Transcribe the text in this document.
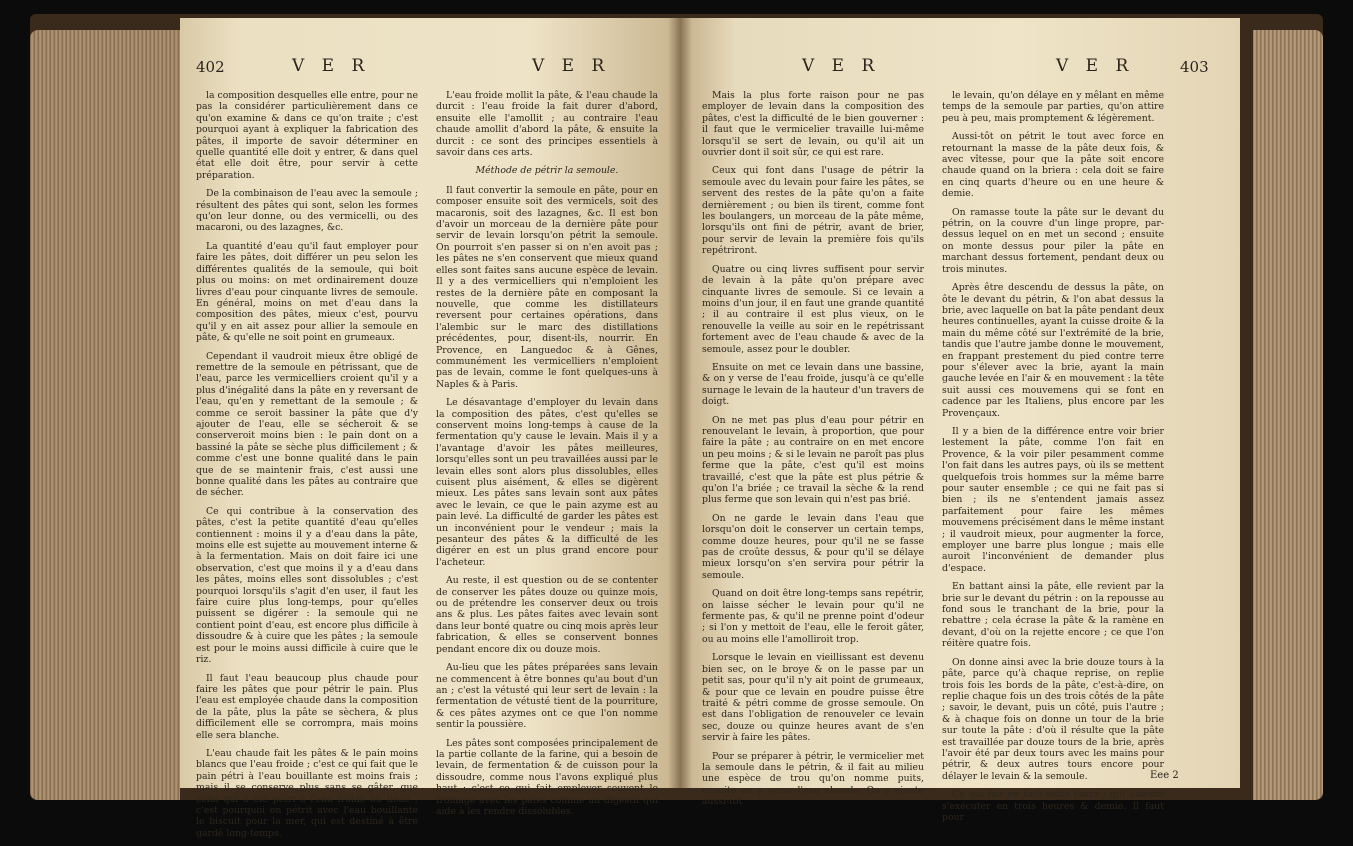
402	V E R	V E R

la composition desquelles elle entre, pour ne pas la considérer particulièrement dans ce qu'on examine & dans ce qu'on traite ; c'est pourquoi ayant à expliquer la fabrication des pâtes, il importe de savoir déterminer en quelle quantité elle doit y entrer, & dans quel état elle doit être, pour servir à cette préparation.

De la combinaison de l'eau avec la semoule ; résultent des pâtes qui sont, selon les formes qu'on leur donne, ou des vermicelli, ou des macaroni, ou des lazagnes, &c.

La quantité d'eau qu'il faut employer pour faire les pâtes, doit différer un peu selon les différentes qualités de la semoule, qui boit plus ou moins: on met ordinairement douze livres d'eau pour cinquante livres de semoule. En général, moins on met d'eau dans la composition des pâtes, mieux c'est, pourvu qu'il y en ait assez pour allier la semoule en pâte, & qu'elle ne soit point en grumeaux.

Cependant il vaudroit mieux être obligé de remettre de la semoule en pétrissant, que de l'eau, parce les vermicelliers croient qu'il y a plus d'inégalité dans la pâte en y reversant de l'eau, qu'en y remettant de la semoule ; & comme ce seroit bassiner la pâte que d'y ajouter de l'eau, elle se sécheroit & se conserveroit moins bien : le pain dont on a bassiné la pâte se sèche plus difficilement ; & comme c'est une bonne qualité dans le pain que de se maintenir frais, c'est aussi une bonne qualité dans les pâtes au contraire que de sécher.

Ce qui contribue à la conservation des pâtes, c'est la petite quantité d'eau qu'elles contiennent : moins il y a d'eau dans la pâte, moins elle est sujette au mouvement interne & à la fermentation. Mais on doit faire ici une observation, c'est que moins il y a d'eau dans les pâtes, moins elles sont dissolubles ; c'est pourquoi lorsqu'ils s'agit d'en user, il faut les faire cuire plus long-temps, pour qu'elles puissent se digérer : la semoule qui ne contient point d'eau, est encore plus difficile à dissoudre & à cuire que les pâtes ; la semoule est pour le moins aussi difficile à cuire que le riz.

Il faut l'eau beaucoup plus chaude pour faire les pâtes que pour pétrir le pain. Plus l'eau est employée chaude dans la composition de la pâte, plus la pâte se sèchera, & plus difficilement elle se corrompra, mais moins elle sera blanche.

L'eau chaude fait les pâtes & le pain moins blancs que l'eau froide ; c'est ce qui fait que le pain pétri à l'eau bouillante est moins frais ; mais il se conserve plus sans se gâter, que celui qui a été pétri à l'eau froide ou tiède ; c'est pourquoi on pétrit avec l'eau bouillante le biscuit pour la mer, qui est destiné à être gardé long-temps.

L'eau froide mollit la pâte, & l'eau chaude la durcit : l'eau froide la fait durer d'abord, ensuite elle l'amollit ; au contraire l'eau chaude amollit d'abord la pâte, & ensuite la durcit : ce sont des principes essentiels à savoir dans ces arts.

Méthode de pétrir la semoule.

Il faut convertir la semoule en pâte, pour en composer ensuite soit des vermicels, soit des macaronis, soit des lazagnes, &c. Il est bon d'avoir un morceau de la dernière pâte pour servir de levain lorsqu'on pétrit la semoule. On pourroit s'en passer si on n'en avoit pas ; les pâtes ne s'en conservent que mieux quand elles sont faites sans aucune espèce de levain. Il y a des vermicelliers qui n'emploient les restes de la dernière pâte en composant la nouvelle, que comme les distillateurs reversent pour certaines opérations, dans l'alembic sur le marc des distillations précédentes, pour, disent-ils, nourrir. En Provence, en Languedoc & à Gênes, communément les vermicelliers n'emploient pas de levain, comme le font quelques-uns à Naples & à Paris.

Le désavantage d'employer du levain dans la composition des pâtes, c'est qu'elles se conservent moins long-temps à cause de la fermentation qu'y cause le levain. Mais il y a l'avantage d'avoir les pâtes meilleures, lorsqu'elles sont un peu travaillées aussi par le levain elles sont alors plus dissolubles, elles cuisent plus aisément, & elles se digèrent mieux. Les pâtes sans levain sont aux pâtes avec le levain, ce que le pain azyme est au pain levé. La difficulté de garder les pâtes est un inconvénient pour le vendeur ; mais la pesanteur des pâtes & la difficulté de les digérer en est un plus grand encore pour l'acheteur.

Au reste, il est question ou de se contenter de conserver les pâtes douze ou quinze mois, ou de prétendre les conserver deux ou trois ans & plus. Les pâtes faites avec levain sont dans leur bonté quatre ou cinq mois après leur fabrication, & elles se conservent bonnes pendant encore dix ou douze mois.

Au-lieu que les pâtes préparées sans levain ne commencent à être bonnes qu'au bout d'un an ; c'est la vétusté qui leur sert de levain : la fermentation de vétusté tient de la pourriture, & ces pâtes azymes ont ce que l'on nomme sentir la poussière.

Les pâtes sont composées principalement de la partie collante de la farine, qui a besoin de levain, de fermentation & de cuisson pour la dissoudre, comme nous l'avons expliqué plus haut ; c'est ce qui fait employer souvent le fromage avec les pâtes comme un digestif qui aide à les rendre dissolubles.

V E R	V E R	403

Mais la plus forte raison pour ne pas employer de levain dans la composition des pâtes, c'est la difficulté de le bien gouverner : il faut que le vermicelier travaille lui-même lorsqu'il se sert de levain, ou qu'il ait un ouvrier dont il soit sûr, ce qui est rare.

Ceux qui font dans l'usage de pétrir la semoule avec du levain pour faire les pâtes, se servent des restes de la pâte qu'on a faite dernièrement ; ou bien ils tirent, comme font les boulangers, un morceau de la pâte même, lorsqu'ils ont fini de pétrir, avant de brier, pour servir de levain la première fois qu'ils repétriront.

Quatre ou cinq livres suffisent pour servir de levain à la pâte qu'on prépare avec cinquante livres de semoule. Si ce levain a moins d'un jour, il en faut une grande quantité ; il au contraire il est plus vieux, on le renouvelle la veille au soir en le repétrissant fortement avec de l'eau chaude & avec de la semoule, assez pour le doubler.

Ensuite on met ce levain dans une bassine, & on y verse de l'eau froide, jusqu'à ce qu'elle surnage le levain de la hauteur d'un travers de doigt.

On ne met pas plus d'eau pour pétrir en renouvelant le levain, à proportion, que pour faire la pâte ; au contraire on en met encore un peu moins ; & si le levain ne paroît pas plus ferme que la pâte, c'est qu'il est moins travaillé, c'est que la pâte est plus pétrie & qu'on l'a briée ; ce travail la sèche & la rend plus ferme que son levain qui n'est pas brié.

On ne garde le levain dans l'eau que lorsqu'on doit le conserver un certain temps, comme douze heures, pour qu'il ne se fasse pas de croûte dessus, & pour qu'il se délaye mieux lorsqu'on s'en servira pour pétrir la semoule.

Quand on doit être long-temps sans repétrir, on laisse sécher le levain pour qu'il ne fermente pas, & qu'il ne prenne point d'odeur ; si l'on y mettoit de l'eau, elle le feroit gâter, ou au moins elle l'amolliroit trop.

Lorsque le levain en vieillissant est devenu bien sec, on le broye & on le passe par un petit sas, pour qu'il n'y ait point de grumeaux, & pour que ce levain en poudre puisse être traité & pétri comme de grosse semoule. On est dans l'obligation de renouveler ce levain sec, douze ou quinze heures avant de s'en servir à faire les pâtes.

Pour se préparer à pétrir, le vermicelier met la semoule dans le pétrin, & il fait au milieu une espèce de trou qu'on nomme puits, ensuite on y verse l'eau chaude. On y ajoute aussi-tôt

le levain, qu'on délaye en y mêlant en même temps de la semoule par parties, qu'on attire peu à peu, mais promptement & légèrement.

Aussi-tôt on pétrit le tout avec force en retournant la masse de la pâte deux fois, & avec vîtesse, pour que la pâte soit encore chaude quand on la briera : cela doit se faire en cinq quarts d'heure ou en une heure & demie.

On ramasse toute la pâte sur le devant du pétrin, on la couvre d'un linge propre, par-dessus lequel on en met un second ; ensuite on monte dessus pour piler la pâte en marchant dessus fortement, pendant deux ou trois minutes.

Après être descendu de dessus la pâte, on ôte le devant du pétrin, & l'on abat dessus la brie, avec laquelle on bat la pâte pendant deux heures continuelles, ayant la cuisse droite & la main du même côté sur l'extrémité de la brie, tandis que l'autre jambe donne le mouvement, en frappant prestement du pied contre terre pour s'élever avec la brie, ayant la main gauche levée en l'air & en mouvement : la tête suit aussi ces mouvemens qui se font en cadence par les Italiens, plus encore par les Provençaux.

Il y a bien de la différence entre voir brier lestement la pâte, comme l'on fait en Provence, & la voir piler pesamment comme l'on fait dans les autres pays, où ils se mettent quelquefois trois hommes sur la même barre pour sauter ensemble ; ce qui ne fait pas si bien ; ils ne s'entendent jamais assez parfaitement pour faire les mêmes mouvemens précisément dans le même instant ; il vaudroit mieux, pour augmenter la force, employer une barre plus longue ; mais elle auroit l'inconvénient de demander plus d'espace.

En battant ainsi la pâte, elle revient par la brie sur le devant du pétrin : on la repousse au fond sous le tranchant de la brie, pour la rebattre ; cela écrase la pâte & la ramène en devant, d'où on la rejette encore ; ce que l'on réitère quatre fois.

On donne ainsi avec la brie douze tours à la pâte, parce qu'à chaque reprise, on replie trois fois les bords de la pâte, c'est-à-dire, on replie chaque fois un des trois côtés de la pâte ; savoir, le devant, puis un côté, puis l'autre ; & à chaque fois on donne un tour de la brie sur toute la pâte : d'où il résulte que la pâte est travaillée par douze tours de la brie, après l'avoir été par deux tours avec les mains pour pétrir, & deux autres tours encore pour délayer le levain & la semoule.

Ce qui fait en tout seize tours ; qui doivent s'exécuter en trois heures & demie. Il faut pour

Eee 2
